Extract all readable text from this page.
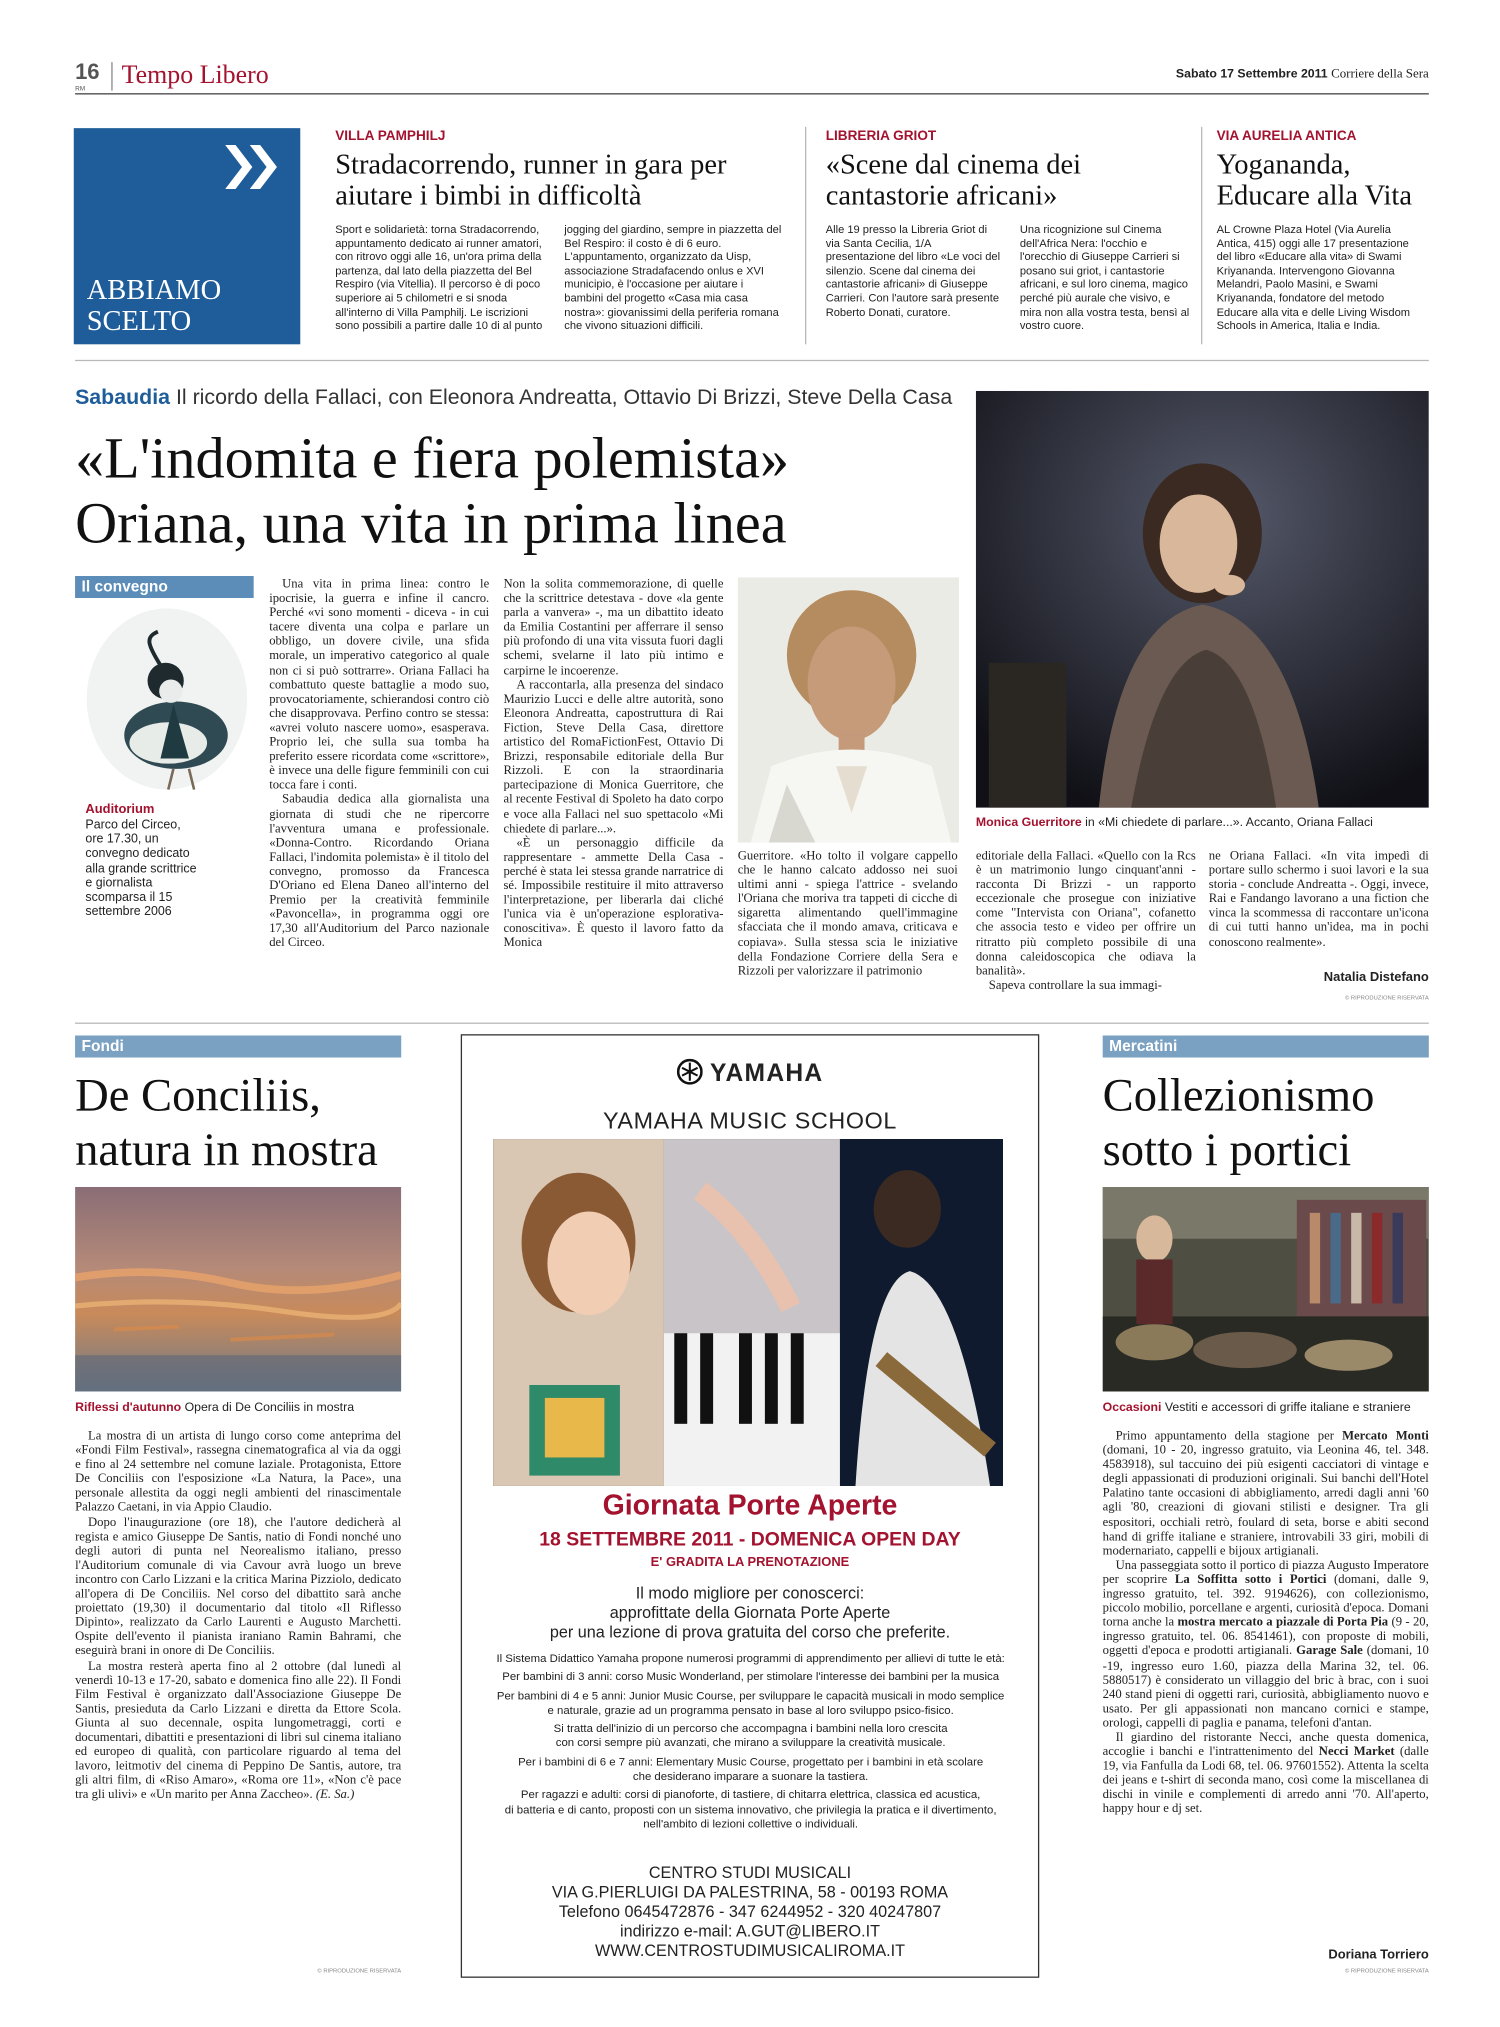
16
RM Tempo Libero	Sabato 17 Settembre 2011 Corriere della Sera
ABBIAMO
SCELTO
VILLA PAMPHILJ
Stradacorrendo, runner in gara per aiutare i bimbi in difficoltà
Sport e solidarietà: torna Stradacorrendo, appuntamento dedicato ai runner amatori, con ritrovo oggi alle 16, un'ora prima della partenza, dal lato della piazzetta del Bel Respiro (via Vitellia). Il percorso è di poco superiore ai 5 chilometri e si snoda all'interno di Villa Pamphilj. Le iscrizioni sono possibili a partire dalle 10 di al punto
jogging del giardino, sempre in piazzetta del Bel Respiro: il costo è di 6 euro. L'appuntamento, organizzato da Uisp, associazione Stradafacendo onlus e XVI municipio, è l'occasione per aiutare i bambini del progetto «Casa mia casa nostra»: giovanissimi della periferia romana che vivono situazioni difficili.
LIBRERIA GRIOT
«Scene dal cinema dei cantastorie africani»
Alle 19 presso la Libreria Griot di via Santa Cecilia, 1/A presentazione del libro «Le voci del silenzio. Scene dal cinema dei cantastorie africani» di Giuseppe Carrieri. Con l'autore sarà presente Roberto Donati, curatore.
Una ricognizione sul Cinema dell'Africa Nera: l'occhio e l'orecchio di Giuseppe Carrieri si posano sui griot, i cantastorie africani, e sul loro cinema, magico perché più aurale che visivo, e mira non alla vostra testa, bensì al vostro cuore.
VIA AURELIA ANTICA
Yogananda, Educare alla Vita
AL Crowne Plaza Hotel (Via Aurelia Antica, 415) oggi alle 17 presentazione del libro «Educare alla vita» di Swami Kriyananda. Intervengono Giovanna Melandri, Paolo Masini, e Swami Kriyananda, fondatore del metodo Educare alla vita e delle Living Wisdom Schools in America, Italia e India.
Sabaudia Il ricordo della Fallaci, con Eleonora Andreatta, Ottavio Di Brizzi, Steve Della Casa
«L'indomita e fiera polemista»
Oriana, una vita in prima linea
Il convegno
Auditorium
Parco del Circeo, ore 17.30, un convegno dedicato alla grande scrittrice e giornalista scomparsa il 15 settembre 2006

Una vita in prima linea: contro le ipocrisie, la guerra e infine il cancro. Perché «vi sono momenti - diceva - in cui tacere diventa una colpa e parlare un obbligo, un dovere civile, una sfida morale, un imperativo categorico al quale non ci si può sottrarre». Oriana Fallaci ha combattuto queste battaglie a modo suo, provocatoriamente, schierandosi contro ciò che disapprovava. Perfino contro se stessa: «avrei voluto nascere uomo», esasperava. Proprio lei, che sulla sua tomba ha preferito essere ricordata come «scrittore», è invece una delle figure femminili con cui tocca fare i conti.

Sabaudia dedica alla giornalista una giornata di studi che ne ripercorre l'avventura umana e professionale. «Donna-Contro. Ricordando Oriana Fallaci, l'indomita polemista» è il titolo del convegno, promosso da Francesca D'Oriano ed Elena Daneo all'interno del Premio per la creatività femminile «Pavoncella», in programma oggi ore 17,30 all'Auditorium del Parco nazionale del Circeo.

Non la solita commemorazione, di quelle che la scrittrice detestava - dove «la gente parla a vanvera» -, ma un dibattito ideato da Emilia Costantini per afferrare il senso più profondo di una vita vissuta fuori dagli schemi, svelarne il lato più intimo e carpirne le incoerenze.

A raccontarla, alla presenza del sindaco Maurizio Lucci e delle altre autorità, sono Eleonora Andreatta, capostruttura di Rai Fiction, Steve Della Casa, direttore artistico del RomaFictionFest, Ottavio Di Brizzi, responsabile editoriale della Bur Rizzoli. E con la straordinaria partecipazione di Monica Guerritore, che al recente Festival di Spoleto ha dato corpo e voce alla Fallaci nel suo spettacolo «Mi chiedete di parlare...».

«È un personaggio difficile da rappresentare - ammette Della Casa - perché è stata lei stessa grande narratrice di sé. Impossibile restituire il mito attraverso l'interpretazione, per liberarla dai cliché l'unica via è un'operazione esplorativa-conoscitiva». È questo il lavoro fatto da Monica

Guerritore. «Ho tolto il volgare cappello che le hanno calcato addosso nei suoi ultimi anni - spiega l'attrice - svelando l'Oriana che moriva tra tappeti di cicche di sigaretta alimentando quell'immagine sfacciata che il mondo amava, criticava e copiava». Sulla stessa scia le iniziative della Fondazione Corriere della Sera e Rizzoli per valorizzare il patrimonio
Monica Guerritore in «Mi chiedete di parlare...». Accanto, Oriana Fallaci

editoriale della Fallaci. «Quello con la Rcs è un matrimonio lungo cinquant'anni - racconta Di Brizzi - un rapporto eccezionale che prosegue con iniziative come "Intervista con Oriana", cofanetto che associa testo e video per offrire un ritratto più completo possibile di una donna caleidoscopica che odiava la banalità».

Sapeva controllare la sua immagi-

ne Oriana Fallaci. «In vita impedì di portare sullo schermo i suoi lavori e la sua storia - conclude Andreatta -. Oggi, invece, Rai e Fandango lavorano a una fiction che vinca la scommessa di raccontare un'icona di cui tutti hanno un'idea, ma in pochi conoscono realmente».
Natalia Distefano
© RIPRODUZIONE RISERVATA
Fondi
De Conciliis,
natura in mostra
Riflessi d'autunno Opera di De Conciliis in mostra

La mostra di un artista di lungo corso come anteprima del «Fondi Film Festival», rassegna cinematografica al via da oggi e fino al 24 settembre nel comune laziale. Protagonista, Ettore De Conciliis con l'esposizione «La Natura, la Pace», una personale allestita da oggi negli ambienti del rinascimentale Palazzo Caetani, in via Appio Claudio.

Dopo l'inaugurazione (ore 18), che l'autore dedicherà al regista e amico Giuseppe De Santis, natio di Fondi nonché uno degli autori di punta nel Neorealismo italiano, presso l'Auditorium comunale di via Cavour avrà luogo un breve incontro con Carlo Lizzani e la critica Marina Pizziolo, dedicato all'opera di De Conciliis. Nel corso del dibattito sarà anche proiettato (19,30) il documentario dal titolo «Il Riflesso Dipinto», realizzato da Carlo Laurenti e Augusto Marchetti. Ospite dell'evento il pianista iraniano Ramin Bahrami, che eseguirà brani in onore di De Conciliis.

La mostra resterà aperta fino al 2 ottobre (dal lunedì al venerdì 10-13 e 17-20, sabato e domenica fino alle 22). Il Fondi Film Festival è organizzato dall'Associazione Giuseppe De Santis, presieduta da Carlo Lizzani e diretta da Ettore Scola. Giunta al suo decennale, ospita lungometraggi, corti e documentari, dibattiti e presentazioni di libri sul cinema italiano ed europeo di qualità, con particolare riguardo al tema del lavoro, leitmotiv del cinema di Peppino De Santis, autore, tra gli altri film, di «Riso Amaro», «Roma ore 11», «Non c'è pace tra gli ulivi» e «Un marito per Anna Zaccheo». (E. Sa.)

© RIPRODUZIONE RISERVATA
YAMAHA
YAMAHA MUSIC SCHOOL
Giornata Porte Aperte
18 SETTEMBRE 2011 - DOMENICA OPEN DAY
E' GRADITA LA PRENOTAZIONE
Il modo migliore per conoscerci:
approfittate della Giornata Porte Aperte
per una lezione di prova gratuita del corso che preferite.
Il Sistema Didattico Yamaha propone numerosi programmi di apprendimento per allievi di tutte le età:
Per bambini di 3 anni: corso Music Wonderland, per stimolare l'interesse dei bambini per la musica
Per bambini di 4 e 5 anni: Junior Music Course, per sviluppare le capacità musicali in modo semplice
e naturale, grazie ad un programma pensato in base al loro sviluppo psico-fisico.
Si tratta dell'inizio di un percorso che accompagna i bambini nella loro crescita
con corsi sempre più avanzati, che mirano a sviluppare la creatività musicale.
Per i bambini di 6 e 7 anni: Elementary Music Course, progettato per i bambini in età scolare
che desiderano imparare a suonare la tastiera.
Per ragazzi e adulti: corsi di pianoforte, di tastiere, di chitarra elettrica, classica ed acustica,
di batteria e di canto, proposti con un sistema innovativo, che privilegia la pratica e il divertimento,
nell'ambito di lezioni collettive o individuali.
CENTRO STUDI MUSICALI
VIA G.PIERLUIGI DA PALESTRINA, 58 - 00193 ROMA
Telefono 0645472876 - 347 6244952 - 320 40247807
indirizzo e-mail: A.GUT@LIBERO.IT
WWW.CENTROSTUDIMUSICALIROMA.IT
Mercatini
Collezionismo
sotto i portici
Occasioni Vestiti e accessori di griffe italiane e straniere

Primo appuntamento della stagione per Mercato Monti (domani, 10 - 20, ingresso gratuito, via Leonina 46, tel. 348. 4583918), sul taccuino dei più esigenti cacciatori di vintage e degli appassionati di produzioni originali. Sui banchi dell'Hotel Palatino tante occasioni di abbigliamento, arredi dagli anni '60 agli '80, creazioni di giovani stilisti e designer. Tra gli espositori, occhiali retrò, foulard di seta, borse e abiti second hand di griffe italiane e straniere, introvabili 33 giri, mobili di modernariato, cappelli e bijoux artigianali.

Una passeggiata sotto il portico di piazza Augusto Imperatore per scoprire La Soffitta sotto i Portici (domani, dalle 9, ingresso gratuito, tel. 392. 9194626), con collezionismo, piccolo mobilio, porcellane e argenti, curiosità d'epoca. Domani torna anche la mostra mercato a piazzale di Porta Pia (9 - 20, ingresso gratuito, tel. 06. 8541461), con proposte di mobili, oggetti d'epoca e prodotti artigianali. Garage Sale (domani, 10 -19, ingresso euro 1.60, piazza della Marina 32, tel. 06. 5880517) è considerato un villaggio del bric à brac, con i suoi 240 stand pieni di oggetti rari, curiosità, abbigliamento nuovo e usato. Per gli appassionati non mancano cornici e stampe, orologi, cappelli di paglia e panama, telefoni d'antan.

Il giardino del ristorante Necci, anche questa domenica, accoglie i banchi e l'intrattenimento del Necci Market (dalle 19, via Fanfulla da Lodi 68, tel. 06. 97601552). Attenta la scelta dei jeans e t-shirt di seconda mano, così come la miscellanea di dischi in vinile e complementi di arredo anni '70. All'aperto, happy hour e dj set.

Doriana Torriero
© RIPRODUZIONE RISERVATA
